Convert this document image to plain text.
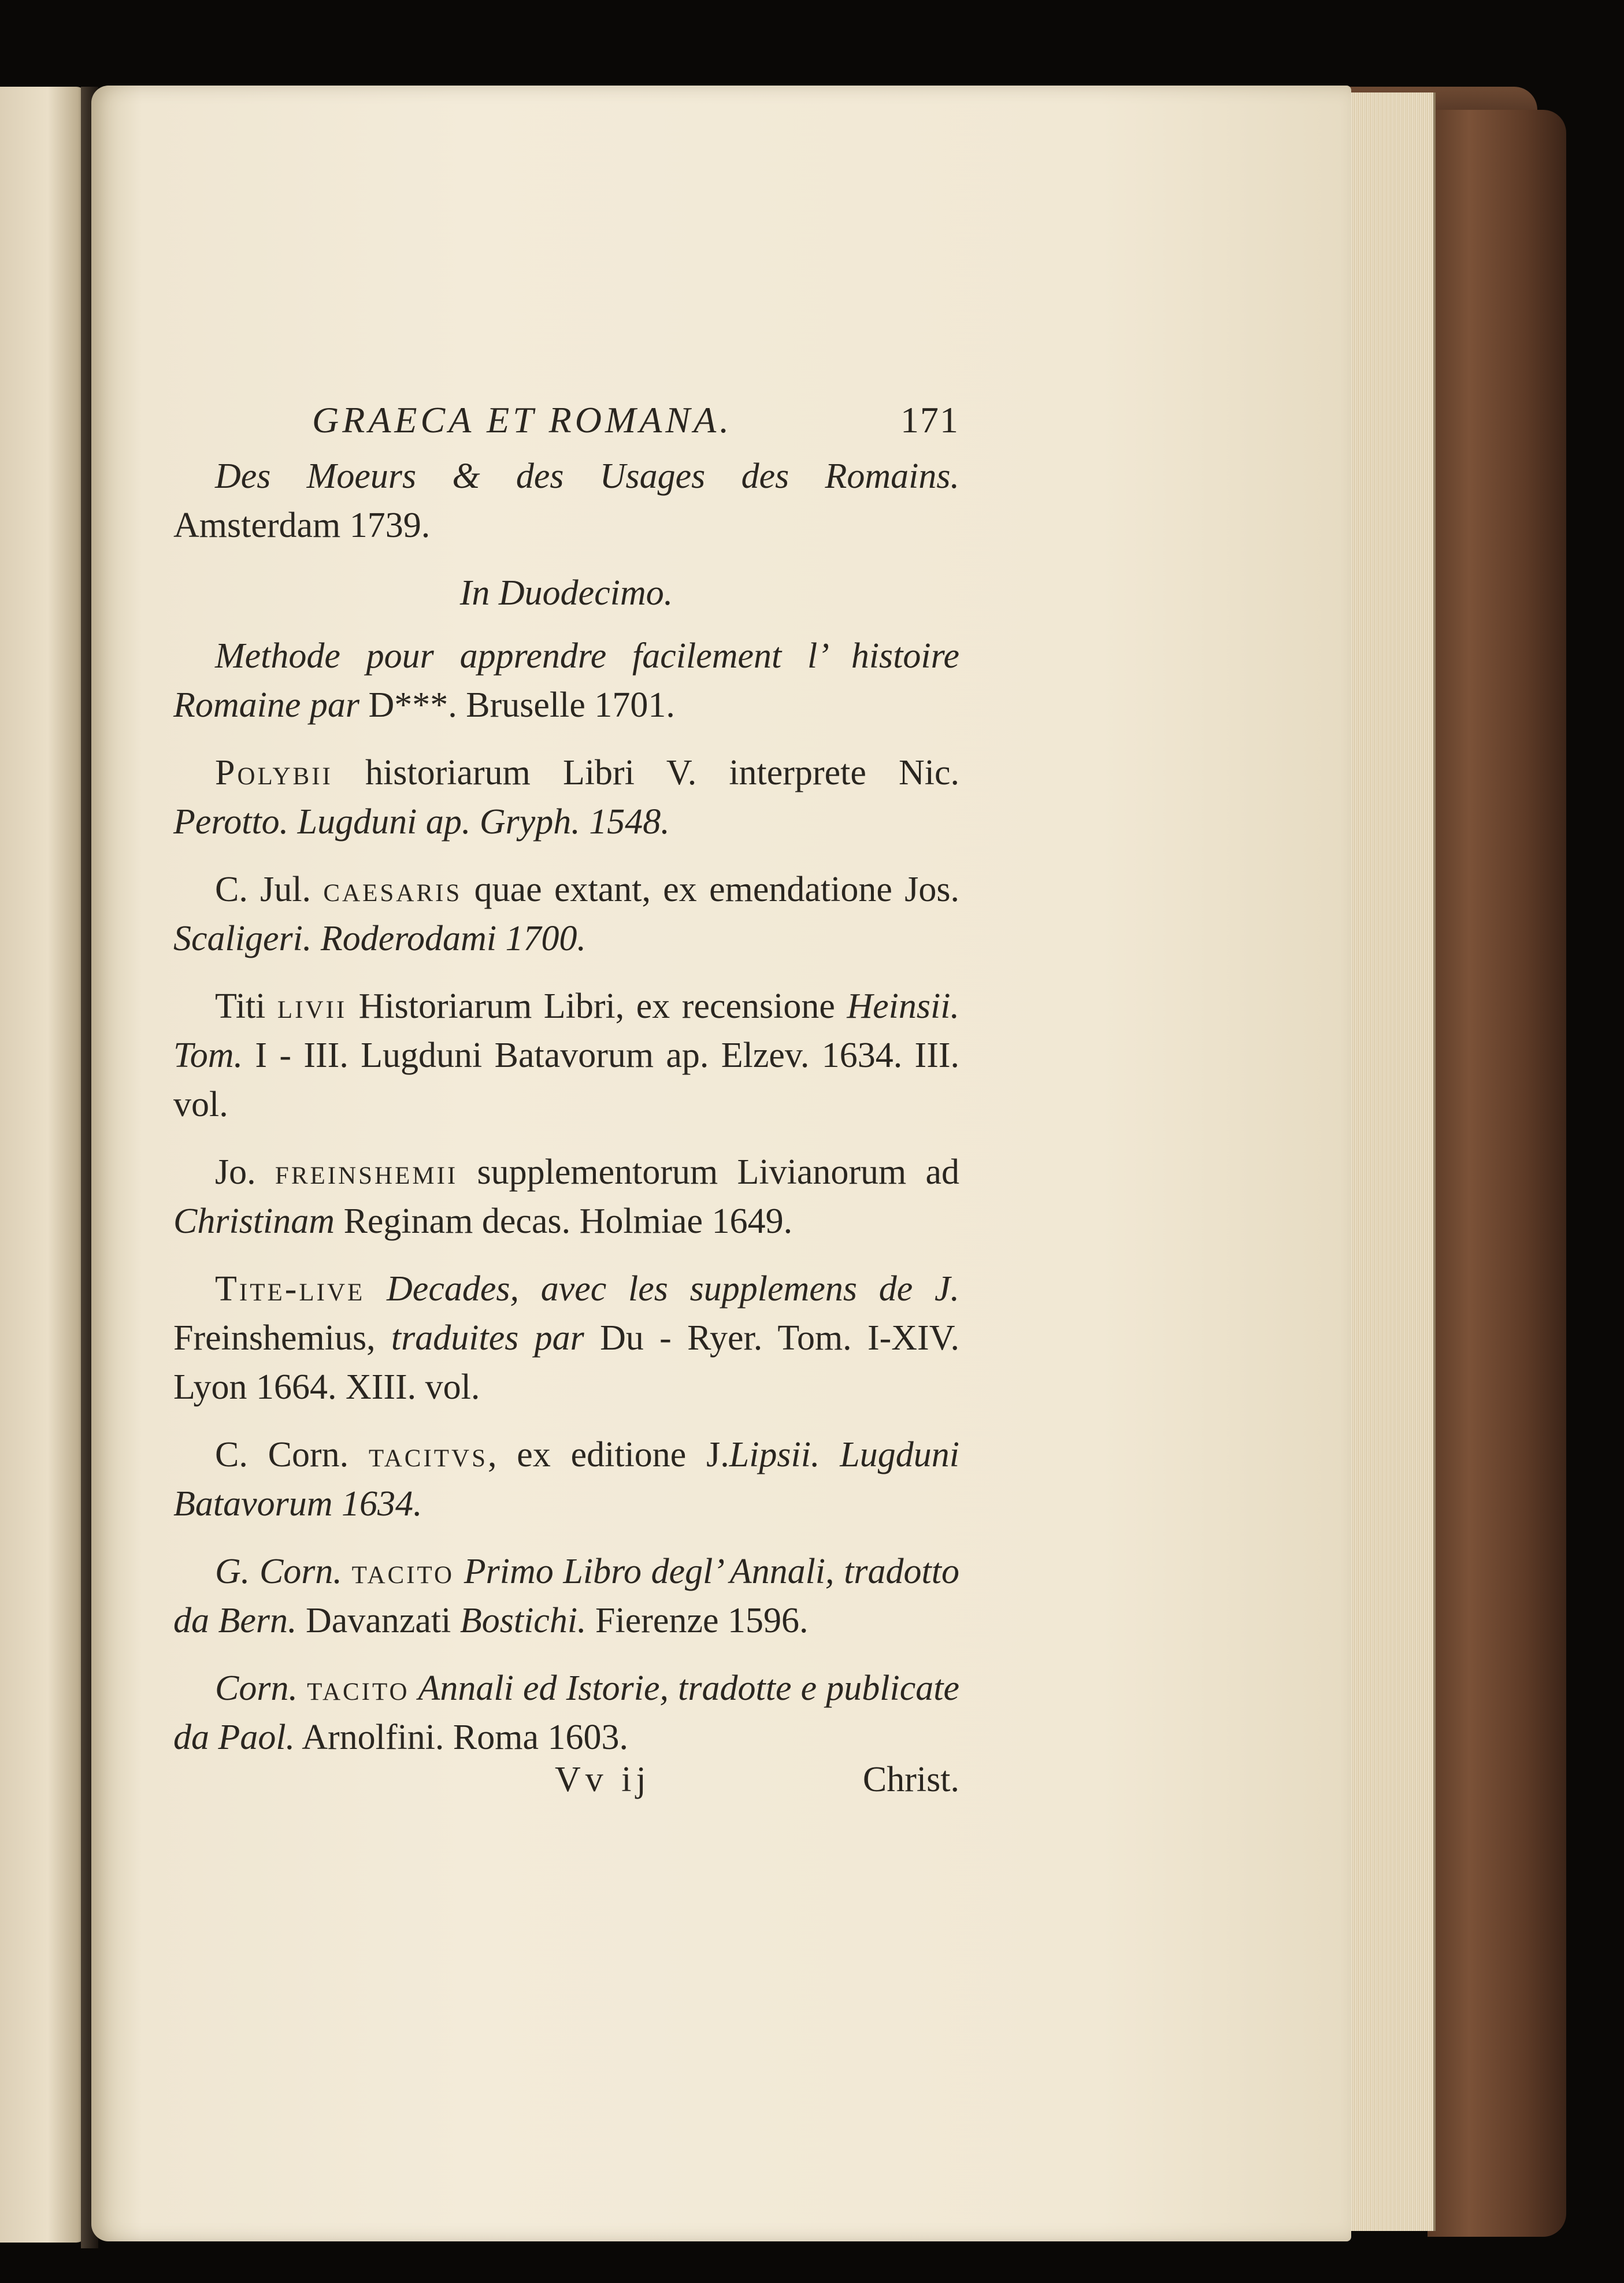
GRAECA ET ROMANA.	171

Des Moeurs & des Usages des Romains. Amsterdam 1739.

In Duodecimo.

Methode pour apprendre facilement l’ histoire Romaine par D***. Bruselle 1701.

Polybii historiarum Libri V. interprete Nic. Perotto. Lugduni ap. Gryph. 1548.

C. Jul. caesaris quae extant, ex emendatione Jos. Scaligeri. Roderodami 1700.

Titi livii Historiarum Libri, ex recensione Heinsii. Tom. I - III. Lugduni Batavorum ap. Elzev. 1634. III. vol.

Jo. freinshemii supplementorum Livianorum ad Christinam Reginam decas. Holmiae 1649.

Tite-live Decades, avec les supplemens de J. Freinshemius, traduites par Du - Ryer. Tom. I-XIV. Lyon 1664. XIII. vol.

C. Corn. tacitvs, ex editione J.Lipsii. Lugduni Batavorum 1634.

G. Corn. tacito Primo Libro degl’ Annali, tradotto da Bern. Davanzati Bostichi. Fierenze 1596.

Corn. tacito Annali ed Istorie, tradotte e publicate da Paol. Arnolfini. Roma 1603.

Vv ij	Christ.
